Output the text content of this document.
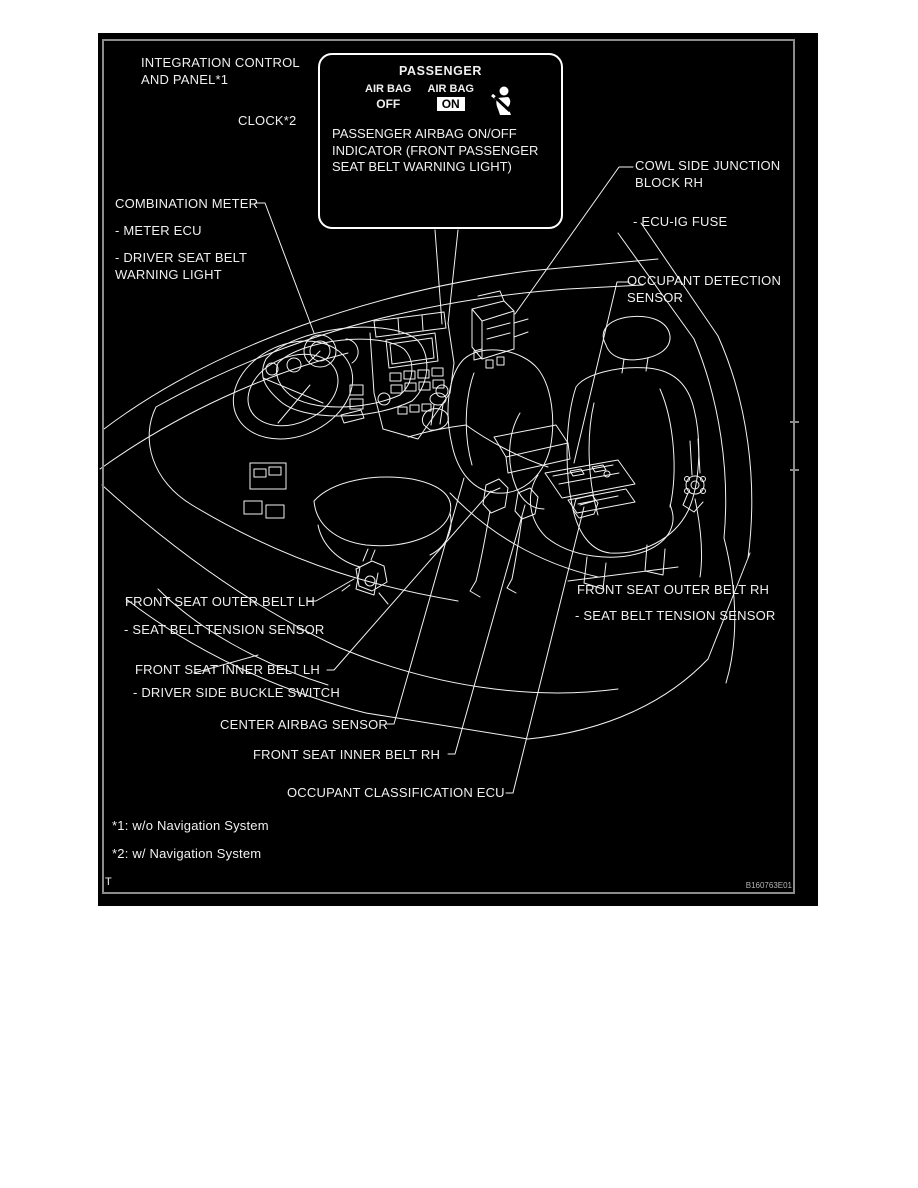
PASSENGER
AIR BAG
OFF
AIR BAG
ON
PASSENGER AIRBAG ON/OFF
INDICATOR (FRONT PASSENGER
SEAT BELT WARNING LIGHT)
INTEGRATION CONTROL
AND PANEL*1
CLOCK*2
COMBINATION METER
- METER ECU
- DRIVER SEAT BELT
WARNING LIGHT
COWL SIDE JUNCTION
BLOCK RH
- ECU-IG FUSE
OCCUPANT DETECTION
SENSOR
FRONT SEAT OUTER BELT LH
- SEAT BELT TENSION SENSOR
FRONT SEAT INNER BELT LH
- DRIVER SIDE BUCKLE SWITCH
CENTER AIRBAG SENSOR
FRONT SEAT INNER BELT RH
OCCUPANT CLASSIFICATION ECU
FRONT SEAT OUTER BELT RH
- SEAT BELT TENSION SENSOR
*1: w/o Navigation System
*2: w/ Navigation System
T	B160763E01
